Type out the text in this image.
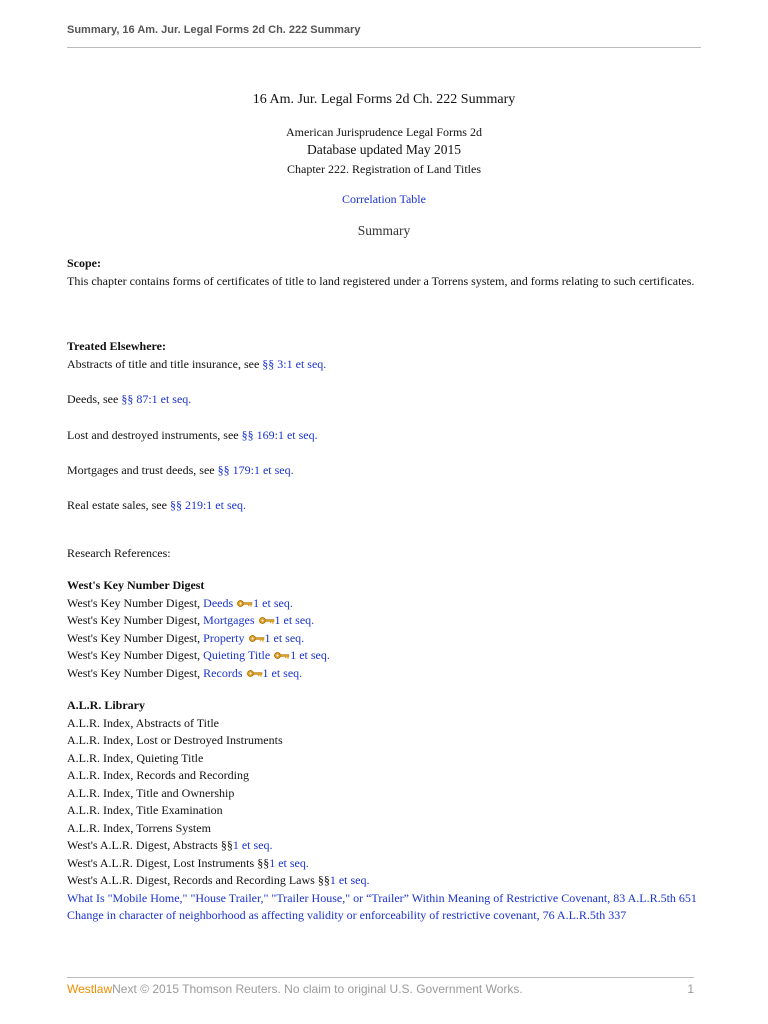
Summary, 16 Am. Jur. Legal Forms 2d Ch. 222 Summary
16 Am. Jur. Legal Forms 2d Ch. 222 Summary
American Jurisprudence Legal Forms 2d
Database updated May 2015
Chapter 222. Registration of Land Titles
Correlation Table
Summary
Scope:
This chapter contains forms of certificates of title to land registered under a Torrens system, and forms relating to such certificates.
Treated Elsewhere:
Abstracts of title and title insurance, see §§ 3:1 et seq.
Deeds, see §§ 87:1 et seq.
Lost and destroyed instruments, see §§ 169:1 et seq.
Mortgages and trust deeds, see §§ 179:1 et seq.
Real estate sales, see §§ 219:1 et seq.
Research References:
West's Key Number Digest
West's Key Number Digest, Deeds 1 et seq.
West's Key Number Digest, Mortgages 1 et seq.
West's Key Number Digest, Property 1 et seq.
West's Key Number Digest, Quieting Title 1 et seq.
West's Key Number Digest, Records 1 et seq.
A.L.R. Library
A.L.R. Index, Abstracts of Title
A.L.R. Index, Lost or Destroyed Instruments
A.L.R. Index, Quieting Title
A.L.R. Index, Records and Recording
A.L.R. Index, Title and Ownership
A.L.R. Index, Title Examination
A.L.R. Index, Torrens System
West's A.L.R. Digest, Abstracts §§1 et seq.
West's A.L.R. Digest, Lost Instruments §§1 et seq.
West's A.L.R. Digest, Records and Recording Laws §§1 et seq.
What Is "Mobile Home," "House Trailer," "Trailer House," or “Trailer” Within Meaning of Restrictive Covenant, 83 A.L.R.5th 651
Change in character of neighborhood as affecting validity or enforceability of restrictive covenant, 76 A.L.R.5th 337
WestlawNext © 2015 Thomson Reuters. No claim to original U.S. Government Works.	1
